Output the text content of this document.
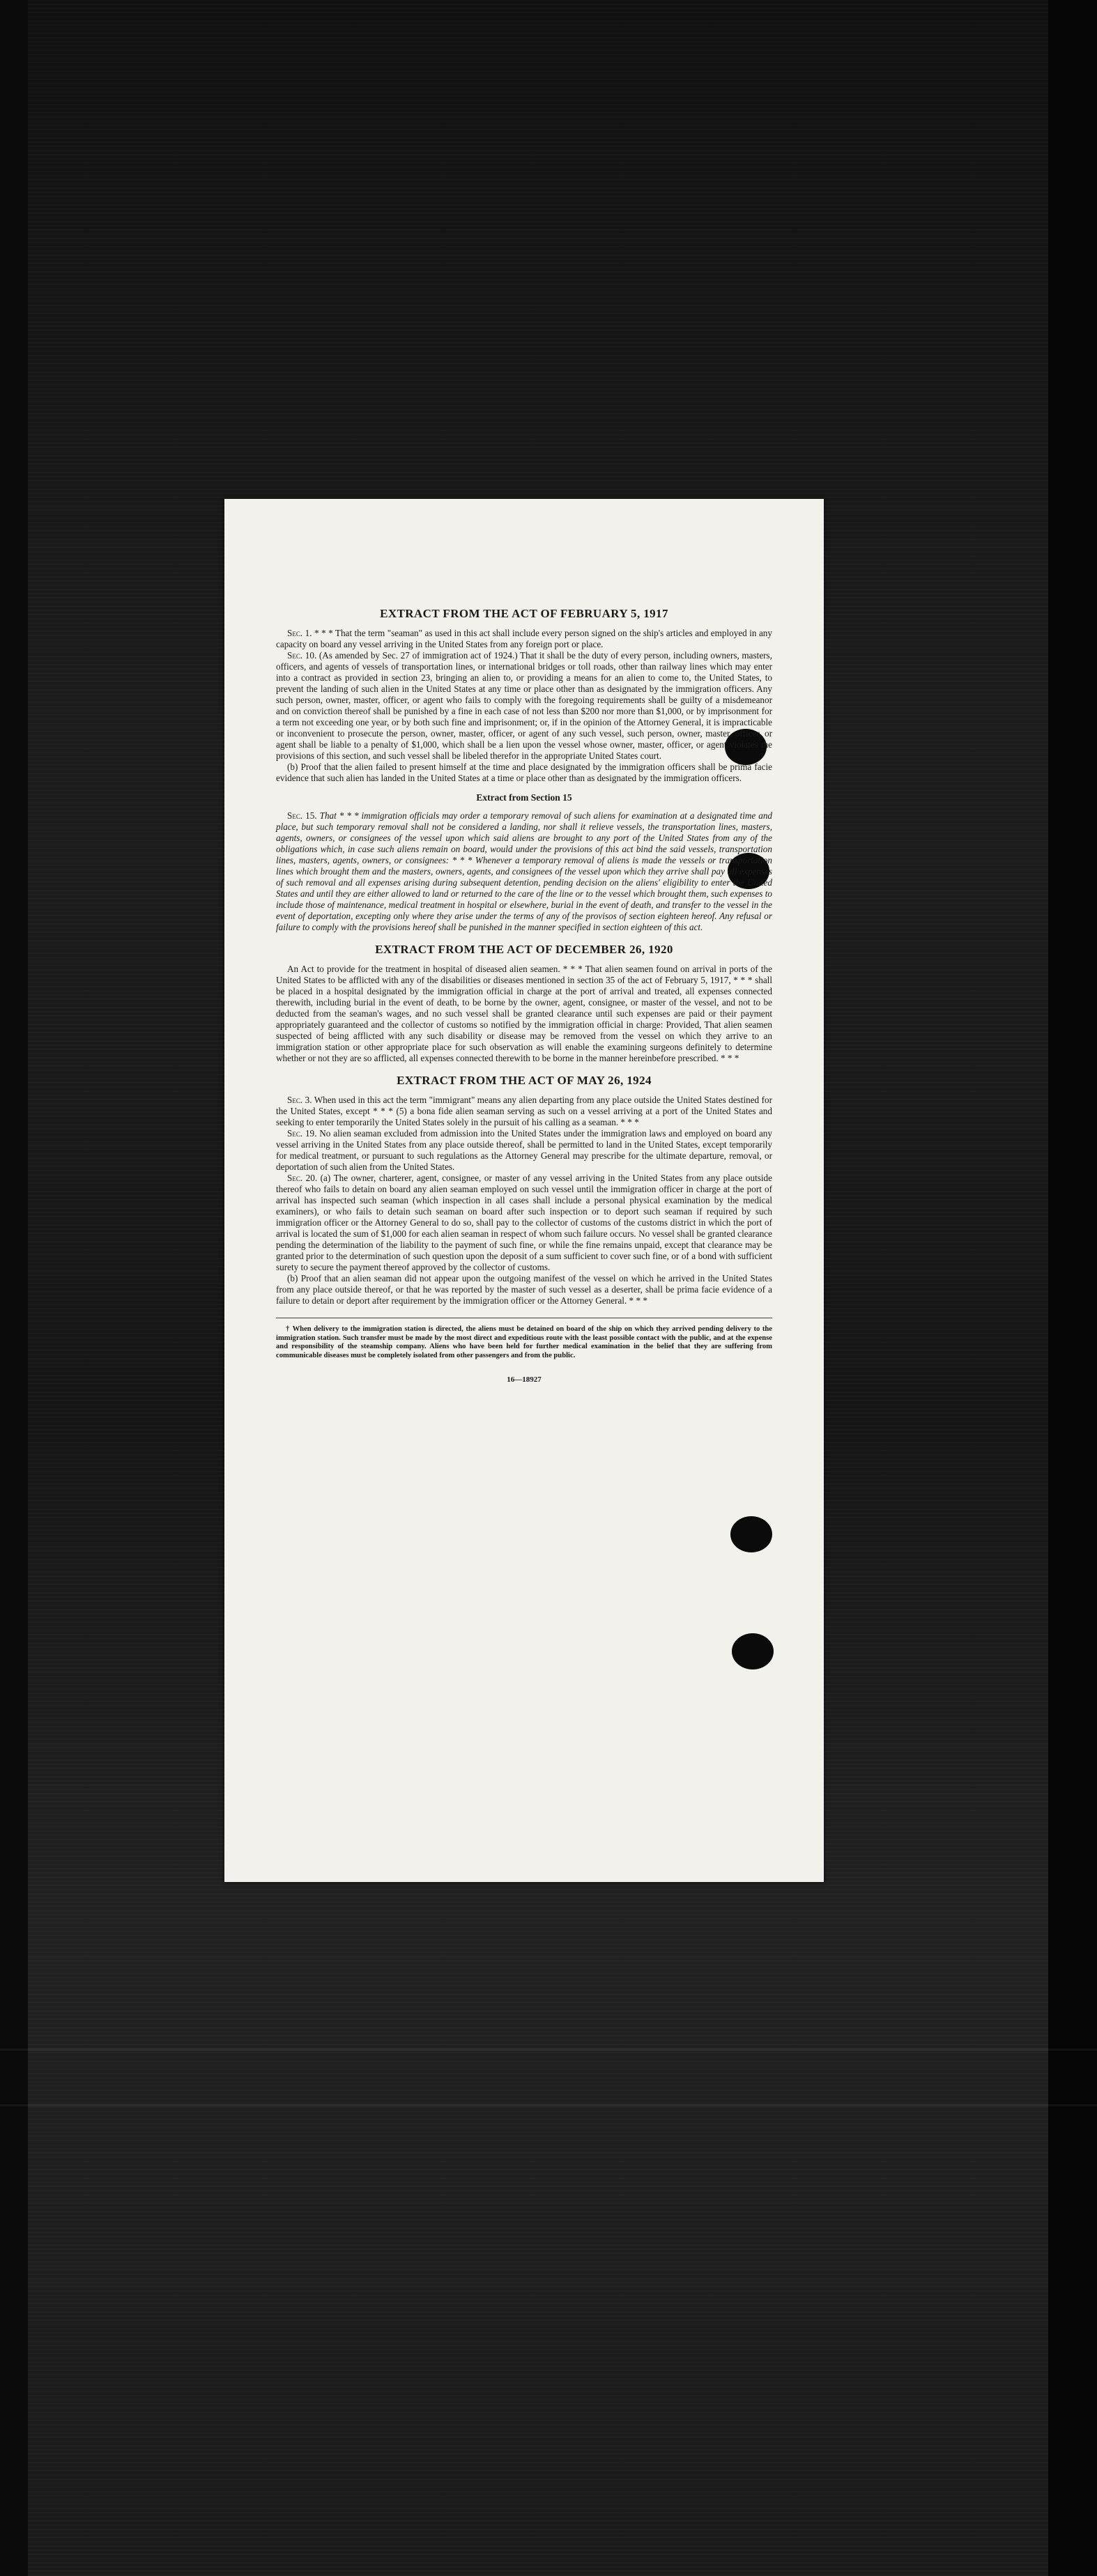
EXTRACT FROM THE ACT OF FEBRUARY 5, 1917

Sec. 1. * * * That the term "seaman" as used in this act shall include every person signed on the ship's articles and employed in any capacity on board any vessel arriving in the United States from any foreign port or place.

Sec. 10. (As amended by Sec. 27 of immigration act of 1924.) That it shall be the duty of every person, including owners, masters, officers, and agents of vessels of transportation lines, or international bridges or toll roads, other than railway lines which may enter into a contract as provided in section 23, bringing an alien to, or providing a means for an alien to come to, the United States, to prevent the landing of such alien in the United States at any time or place other than as designated by the immigration officers. Any such person, owner, master, officer, or agent who fails to comply with the foregoing requirements shall be guilty of a misdemeanor and on conviction thereof shall be punished by a fine in each case of not less than $200 nor more than $1,000, or by imprisonment for a term not exceeding one year, or by both such fine and imprisonment; or, if in the opinion of the Attorney General, it is impracticable or inconvenient to prosecute the person, owner, master, officer, or agent of any such vessel, such person, owner, master, officer, or agent shall be liable to a penalty of $1,000, which shall be a lien upon the vessel whose owner, master, officer, or agent violates the provisions of this section, and such vessel shall be libeled therefor in the appropriate United States court.

(b) Proof that the alien failed to present himself at the time and place designated by the immigration officers shall be prima facie evidence that such alien has landed in the United States at a time or place other than as designated by the immigration officers.

Extract from Section 15

Sec. 15. That * * * immigration officials may order a temporary removal of such aliens for examination at a designated time and place, but such temporary removal shall not be considered a landing, nor shall it relieve vessels, the transportation lines, masters, agents, owners, or consignees of the vessel upon which said aliens are brought to any port of the United States from any of the obligations which, in case such aliens remain on board, would under the provisions of this act bind the said vessels, transportation lines, masters, agents, owners, or consignees: * * * Whenever a temporary removal of aliens is made the vessels or transportation lines which brought them and the masters, owners, agents, and consignees of the vessel upon which they arrive shall pay all expenses of such removal and all expenses arising during subsequent detention, pending decision on the aliens' eligibility to enter the United States and until they are either allowed to land or returned to the care of the line or to the vessel which brought them, such expenses to include those of maintenance, medical treatment in hospital or elsewhere, burial in the event of death, and transfer to the vessel in the event of deportation, excepting only where they arise under the terms of any of the provisos of section eighteen hereof. Any refusal or failure to comply with the provisions hereof shall be punished in the manner specified in section eighteen of this act.

EXTRACT FROM THE ACT OF DECEMBER 26, 1920

An Act to provide for the treatment in hospital of diseased alien seamen. * * * That alien seamen found on arrival in ports of the United States to be afflicted with any of the disabilities or diseases mentioned in section 35 of the act of February 5, 1917, * * * shall be placed in a hospital designated by the immigration official in charge at the port of arrival and treated, all expenses connected therewith, including burial in the event of death, to be borne by the owner, agent, consignee, or master of the vessel, and not to be deducted from the seaman's wages, and no such vessel shall be granted clearance until such expenses are paid or their payment appropriately guaranteed and the collector of customs so notified by the immigration official in charge: Provided, That alien seamen suspected of being afflicted with any such disability or disease may be removed from the vessel on which they arrive to an immigration station or other appropriate place for such observation as will enable the examining surgeons definitely to determine whether or not they are so afflicted, all expenses connected therewith to be borne in the manner hereinbefore prescribed. * * *

EXTRACT FROM THE ACT OF MAY 26, 1924

Sec. 3. When used in this act the term "immigrant" means any alien departing from any place outside the United States destined for the United States, except * * * (5) a bona fide alien seaman serving as such on a vessel arriving at a port of the United States and seeking to enter temporarily the United States solely in the pursuit of his calling as a seaman. * * *

Sec. 19. No alien seaman excluded from admission into the United States under the immigration laws and employed on board any vessel arriving in the United States from any place outside thereof, shall be permitted to land in the United States, except temporarily for medical treatment, or pursuant to such regulations as the Attorney General may prescribe for the ultimate departure, removal, or deportation of such alien from the United States.

Sec. 20. (a) The owner, charterer, agent, consignee, or master of any vessel arriving in the United States from any place outside thereof who fails to detain on board any alien seaman employed on such vessel until the immigration officer in charge at the port of arrival has inspected such seaman (which inspection in all cases shall include a personal physical examination by the medical examiners), or who fails to detain such seaman on board after such inspection or to deport such seaman if required by such immigration officer or the Attorney General to do so, shall pay to the collector of customs of the customs district in which the port of arrival is located the sum of $1,000 for each alien seaman in respect of whom such failure occurs. No vessel shall be granted clearance pending the determination of the liability to the payment of such fine, or while the fine remains unpaid, except that clearance may be granted prior to the determination of such question upon the deposit of a sum sufficient to cover such fine, or of a bond with sufficient surety to secure the payment thereof approved by the collector of customs.

(b) Proof that an alien seaman did not appear upon the outgoing manifest of the vessel on which he arrived in the United States from any place outside thereof, or that he was reported by the master of such vessel as a deserter, shall be prima facie evidence of a failure to detain or deport after requirement by the immigration officer or the Attorney General. * * *

† When delivery to the immigration station is directed, the aliens must be detained on board of the ship on which they arrived pending delivery to the immigration station. Such transfer must be made by the most direct and expeditious route with the least possible contact with the public, and at the expense and responsibility of the steamship company. Aliens who have been held for further medical examination in the belief that they are suffering from communicable diseases must be completely isolated from other passengers and from the public.

16—18927
